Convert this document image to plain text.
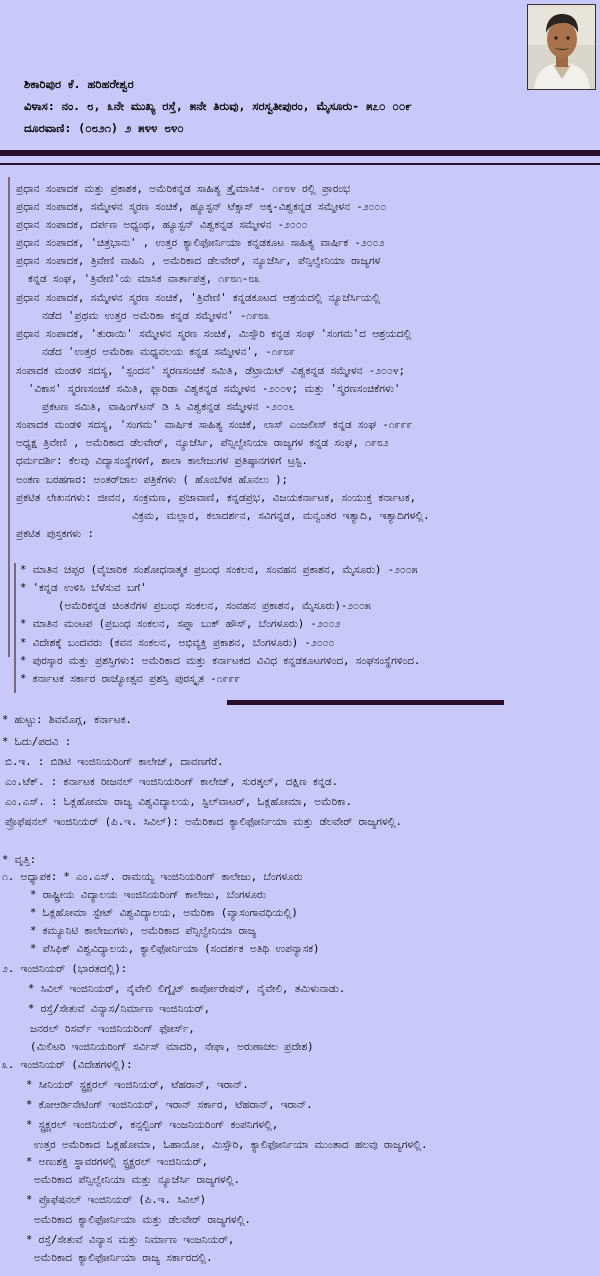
ಶಿಕಾರಿಪುರ ಕೆ. ಹರಿಹರೇಶ್ವರ
ವಿಳಾಸ: ನಂ. ೮, ೩ನೇ ಮುಖ್ಯ ರಸ್ತೆ, ೫ನೇ ತಿರುವು, ಸರಸ್ವತೀಪುರಂ, ಮೈಸೂರು- ೫೭೦ ೦೦೯
ದೂರವಾಣಿ: (೦೮೨೧) ೨ ೫೪೪ ೮೪೦
ಪ್ರಧಾನ ಸಂಪಾದಕ ಮತ್ತು ಪ್ರಕಾಶಕ, ಅಮೆರಿಕನ್ನಡ ಸಾಹಿತ್ಯ ತ್ರೈಮಾಸಿಕ- ೧೯೮೪ ರಲ್ಲಿ ಪ್ರಾರಂಭ
ಪ್ರಧಾನ ಸಂಪಾದಕ, ಸಮ್ಮೇಳನ ಸ್ಮರಣ ಸಂಚಿಕೆ, ಹ್ಯೂಸ್ಟನ್ ಟೆಕ್ಸಾಸ್ ಅಕ್ಕ-ವಿಶ್ವಕನ್ನಡ ಸಮ್ಮೇಳನ -೨೦೦೦
ಪ್ರಧಾನ ಸಂಪಾದಕ, ದರ್ಪಣ ಅಧ್ಯಂಥ, ಹ್ಯೂಸ್ಟನ್ ವಿಶ್ವಕನ್ನಡ ಸಮ್ಮೇಳನ -೨೦೦೦
ಪ್ರಧಾನ ಸಂಪಾದಕ, 'ಚಿತ್ರಭಾನು' , ಉತ್ತರ ಕ್ಯಾಲಿಫೋರ್ನಿಯಾ ಕನ್ನಡಕೂಟ ಸಾಹಿತ್ಯ ವಾರ್ಷಿಕ -೨೦೦೨
ಪ್ರಧಾನ ಸಂಪಾದಕ, ತ್ರಿವೇಣಿ ವಾಹಿನಿ , ಅಮೆರಿಕಾದ ಡೆಲವೇರ್, ನ್ಯೂಜೆರ್ಸಿ, ಪೆನ್ಸಿಲ್ವೇನಿಯಾ ರಾಜ್ಯಗಳ
ಕನ್ನಡ ಸಂಘ, 'ತ್ರಿವೇಣಿ'ಯ ಮಾಸಿಕ ವಾರ್ತಾಪತ್ರ, ೧೯೮೧-೮೩
ಪ್ರಧಾನ ಸಂಪಾದಕ, ಸಮ್ಮೇಳನ ಸ್ಮರಣ ಸಂಚಿಕೆ, 'ತ್ರಿವೇಣಿ' ಕನ್ನಡಕೂಟದ ಆಶ್ರಯದಲ್ಲಿ ನ್ಯೂಜೆರ್ಸಿಯಲ್ಲಿ
ನಡೆದ 'ಪ್ರಥಮ ಉತ್ತರ ಅಮೆರಿಕಾ ಕನ್ನಡ ಸಮ್ಮೇಳನ' -೧೯೮೩
ಪ್ರಧಾನ ಸಂಪಾದಕ, 'ತುರಾಯಿ' ಸಮ್ಮೇಳನ ಸ್ಮರಣ ಸಂಚಿಕೆ, ಮಿಸ್ಸೌರಿ ಕನ್ನಡ ಸಂಘ 'ಸಂಗಮ'ದ ಆಶ್ರಯದಲ್ಲಿ
ನಡೆದ 'ಉತ್ತರ ಅಮೆರಿಕಾ ಮಧ್ಯವಲಯ ಕನ್ನಡ ಸಮ್ಮೇಳನ', -೧೯೮೯
ಸಂಪಾದಕ ಮಂಡಳಿ ಸದಸ್ಯ, 'ಸ್ಪಂದನ' ಸ್ಮರಣಸಂಚಿಕೆ ಸಮಿತಿ, ಡೆಟ್ರಾಯಿಟ್ ವಿಶ್ವಕನ್ನಡ ಸಮ್ಮೇಳನ -೨೦೦೪;
'ವಿಕಾಸ' ಸ್ಮರಣಸಂಚಿಕೆ ಸಮಿತಿ, ಫ್ಲಾರಿಡಾ ವಿಶ್ವಕನ್ನಡ ಸಮ್ಮೇಳನ -೨೦೦೪; ಮತ್ತು 'ಸ್ಮರಣಸಂಚಿಕೆಗಳು'
ಪ್ರಕಟಣ ಸಮಿತಿ, ವಾಷಿಂಗ್‌ಟನ್ ಡಿ ಸಿ ವಿಶ್ವಕನ್ನಡ ಸಮ್ಮೇಳನ -೨೦೦೬
ಸಂಪಾದಕ ಮಂಡಳಿ ಸದಸ್ಯ, 'ಸಂಗಮ' ವಾರ್ಷಿಕ ಸಾಹಿತ್ಯ ಸಂಚಿಕೆ, ಲಾಸ್ ಎಂಜಲೀಸ್ ಕನ್ನಡ ಸಂಘ -೧೯೯೯
ಅಧ್ಯಕ್ಷ ತ್ರಿವೇಣಿ , ಅಮೆರಿಕಾದ ಡೆಲವೇರ್, ನ್ಯೂಜೆರ್ಸಿ, ಪೆನ್ಸಿಲ್ವೇನಿಯಾ ರಾಜ್ಯಗಳ ಕನ್ನಡ ಸಂಘ, ೧೯೮೨
ಧರ್ಮದರ್ಶಿ: ಕೆಲವು ವಿದ್ಯಾಸಂಸ್ಥೆಗಳಿಗೆ, ಶಾಲಾ ಕಾಲೇಜುಗಳ ಪ್ರತಿಷ್ಠಾನಗಳಿಗೆ ಟ್ರಸ್ಟಿ.
ಅಂಕಣ ಬರಹಗಾರ: ಅಂತರ್‌ಜಾಲ ಪತ್ರಿಕೆಗಳು ( ಹೊಂಬೆಳಕ ಹೊನಲು );
ಪ್ರಕಟಿತ ಲೇಖನಗಳು: ಜೀವನ, ಸಂಕ್ರಮಣ, ಪ್ರಜಾವಾಣಿ, ಕನ್ನಡಪ್ರಭ, ವಿಜಯಕರ್ನಾಟಕ, ಸಂಯುಕ್ತ ಕರ್ನಾಟಕ,
ವಿಕ್ರಮ, ಮಲ್ಲಾರ, ಕಲಾದರ್ಶನ, ಸವಿಗನ್ನಡ, ಮನ್ವಂತರ ಇತ್ಯಾದಿ, ಇತ್ಯಾದಿಗಳಲ್ಲಿ.
ಪ್ರಕಟಿತ ಪುಸ್ತಕಗಳು :
* ಮಾತಿನ ಚಪ್ಪರ (ವೈಚಾರಿಕ ಸಂಶೋಧನಾತ್ಮಕ ಪ್ರಬಂಧ ಸಂಕಲನ, ಸಂವಹನ ಪ್ರಕಾಶನ, ಮೈಸೂರು) -೨೦೦೫
* 'ಕನ್ನಡ ಉಳಿಸಿ ಬೆಳೆಸುವ ಬಗೆ'
(ಅಮೆರಿಕನ್ನಡ ಚಿಂತನೆಗಳ ಪ್ರಬಂಧ ಸಂಕಲನ, ಸಂವಹನ ಪ್ರಕಾಶನ, ಮೈಸೂರು)-೨೦೦೫
* ಮಾತಿನ ಮಂಟಪ (ಪ್ರಬಂಧ ಸಂಕಲನ, ಸಪ್ನಾ ಬುಕ್ ಹೌಸ್, ಬೆಂಗಳೂರು) -೨೦೦೨
* ವಿದೇಶಕ್ಕೆ ಬಂದವರು (ಕವನ ಸಂಕಲನ, ಅಭಿವ್ಯಕ್ತಿ ಪ್ರಕಾಶನ, ಬೆಂಗಳೂರು) -೨೦೦೦
* ಪುರಸ್ಕಾರ ಮತ್ತು ಪ್ರಶಸ್ತಿಗಳು: ಅಮೆರಿಕಾದ ಮತ್ತು ಕರ್ನಾಟಕದ ವಿವಿಧ ಕನ್ನಡಕೂಟಗಳಿಂದ, ಸಂಘಸಂಸ್ಥೆಗಳಿಂದ.
* ಕರ್ನಾಟಕ ಸರ್ಕಾರ ರಾಜ್ಯೋತ್ಸವ ಪ್ರಶಸ್ತಿ ಪುರಸ್ಕೃತ -೧೯೯೯
* ಹುಟ್ಟು: ಶಿವಮೊಗ್ಗ, ಕರ್ನಾಟಕ.
* ಓದು/ಪದವಿ :
ಬಿ.ಇ. : ಬಿಡಿಟಿ ಇಂಜಿನಿಯರಿಂಗ್ ಕಾಲೇಜ್, ದಾವಣಗೆರೆ.
ಎಂ.ಟೆಕ್. : ಕರ್ನಾಟಕ ರೀಜನಲ್ ಇಂಜಿನಿಯರಿಂಗ್ ಕಾಲೇಜ್, ಸುರತ್ಕಲ್, ದಕ್ಷಿಣ ಕನ್ನಡ.
ಎಂ.ಎಸ್. : ಓಕ್ಲಹೋಮಾ ರಾಜ್ಯ ವಿಶ್ವವಿದ್ಯಾಲಯ, ಸ್ಟಿಲ್‌ವಾಟರ್, ಓಕ್ಲಹೋಮಾ, ಅಮೆರಿಕಾ.
ಪ್ರೊಫೆಷನಲ್ ಇಂಜಿನಿಯರ್ (ಪಿ.ಇ. ಸಿವಿಲ್): ಅಮೆರಿಕಾದ ಕ್ಯಾಲಿಫೋರ್ನಿಯಾ ಮತ್ತು ಡೆಲವೇರ್ ರಾಜ್ಯಗಳಲ್ಲಿ.
* ವೃತ್ತಿ:
೧. ಅಧ್ಯಾಪಕ: * ಎಂ.ಎಸ್. ರಾಮಯ್ಯ ಇಂಜಿನಿಯರಿಂಗ್ ಕಾಲೇಜು, ಬೆಂಗಳೂರು
* ರಾಷ್ಟ್ರೀಯ ವಿದ್ಯಾಲಯ ಇಂಜಿನಿಯರಿಂಗ್ ಕಾಲೇಜು, ಬೆಂಗಳೂರು
* ಓಕ್ಲಹೋಮಾ ಸ್ಟೇಟ್ ವಿಶ್ವವಿದ್ಯಾಲಯ, ಅಮೆರಿಕಾ (ವ್ಯಾಸಂಗಾವಧಿಯಲ್ಲಿ)
* ಕಮ್ಯೂನಿಟಿ ಕಾಲೇಜುಗಳು, ಅಮೆರಿಕಾದ ಪೆನ್ಸಿಲ್ವೇನಿಯಾ ರಾಜ್ಯ
* ಪೆಸಿಫಿಕ್ ವಿಶ್ವವಿದ್ಯಾಲಯ, ಕ್ಯಾಲಿಫೋರ್ನಿಯಾ (ಸಂದರ್ಶಕ ಅತಿಥಿ ಉಪನ್ಯಾಸಕ)
೨. ಇಂಜಿನಿಯರ್ (ಭಾರತದಲ್ಲಿ):
* ಸಿವಿಲ್ ಇಂಜಿನಿಯರ್, ನೈವೇಲಿ ಲಿಗ್ನೈಟ್ ಕಾರ್ಪೋರೇಷನ್, ನೈವೇಲಿ, ತಮಿಳುನಾಡು.
* ರಸ್ತೆ/ಸೇತುವೆ ವಿನ್ಯಾಸ/ನಿರ್ಮಾಣ ಇಂಜಿನಿಯರ್,
ಜನರಲ್ ರಿಸರ್ವ್ ಇಂಜಿನಿಯರಿಂಗ್ ಫೋರ್ಸ್,
(ಮಿಲಿಟರಿ ಇಂಜಿನಿಯರಿಂಗ್ ಸರ್ವಿಸ್ ಮಾದರಿ, ನೇಫಾ, ಅರುಣಾಚಲ ಪ್ರದೇಶ)
೩. ಇಂಜಿನಿಯರ್ (ವಿದೇಶಗಳಲ್ಲಿ):
* ಸೀನಿಯರ್ ಸ್ಟ್ರಕ್ಚರಲ್ ಇಂಜಿನಿಯರ್, ಟೆಹರಾನ್, ಇರಾನ್.
* ಕೋಆರ್ಡಿನೇಟಿಂಗ್ ಇಂಜಿನಿಯರ್, ಇರಾನ್ ಸರ್ಕಾರ, ಟೆಹರಾನ್, ಇರಾನ್.
* ಸ್ಟ್ರಕ್ಚರಲ್ ಇಂಜಿನಿಯರ್, ಕನ್ಸಲ್ಟಿಂಗ್ ಇಂಜನಿಯರಿಂಗ್ ಕಂಪನಿಗಳಲ್ಲಿ,
ಉತ್ತರ ಅಮೆರಿಕಾದ ಓಕ್ಲಹೋಮಾ, ಓಹಾಯೋ, ಮಿಸ್ಸೌರಿ, ಕ್ಯಾಲಿಫೋರ್ನಿಯಾ ಮುಂತಾದ ಹಲವು ರಾಜ್ಯಗಳಲ್ಲಿ.
* ಅಣುಶಕ್ತಿ ಸ್ಥಾವರಗಳಲ್ಲಿ ಸ್ಟ್ರಕ್ಚರಲ್ ಇಂಜಿನಿಯರ್,
ಅಮೆರಿಕಾದ ಪೆನ್ಸಿಲ್ವೇನಿಯಾ ಮತ್ತು ನ್ಯೂಜೆರ್ಸಿ ರಾಜ್ಯಗಳಲ್ಲಿ.
* ಪ್ರೊಫೆಷನಲ್ ಇಂಜಿನಿಯರ್ (ಪಿ.ಇ. ಸಿವಿಲ್)
ಅಮೆರಿಕಾದ ಕ್ಯಾಲಿಫೋರ್ನಿಯಾ ಮತ್ತು ಡೆಲವೇರ್ ರಾಜ್ಯಗಳಲ್ಲಿ.
* ರಸ್ತೆ/ಸೇತುವೆ ವಿನ್ಯಾಸ ಮತ್ತು ನಿರ್ಮಾಣ ಇಂಜನಿಯರ್,
ಅಮೆರಿಕಾದ ಕ್ಯಾಲಿಫೋರ್ನಿಯಾ ರಾಜ್ಯ ಸರ್ಕಾರದಲ್ಲಿ.
